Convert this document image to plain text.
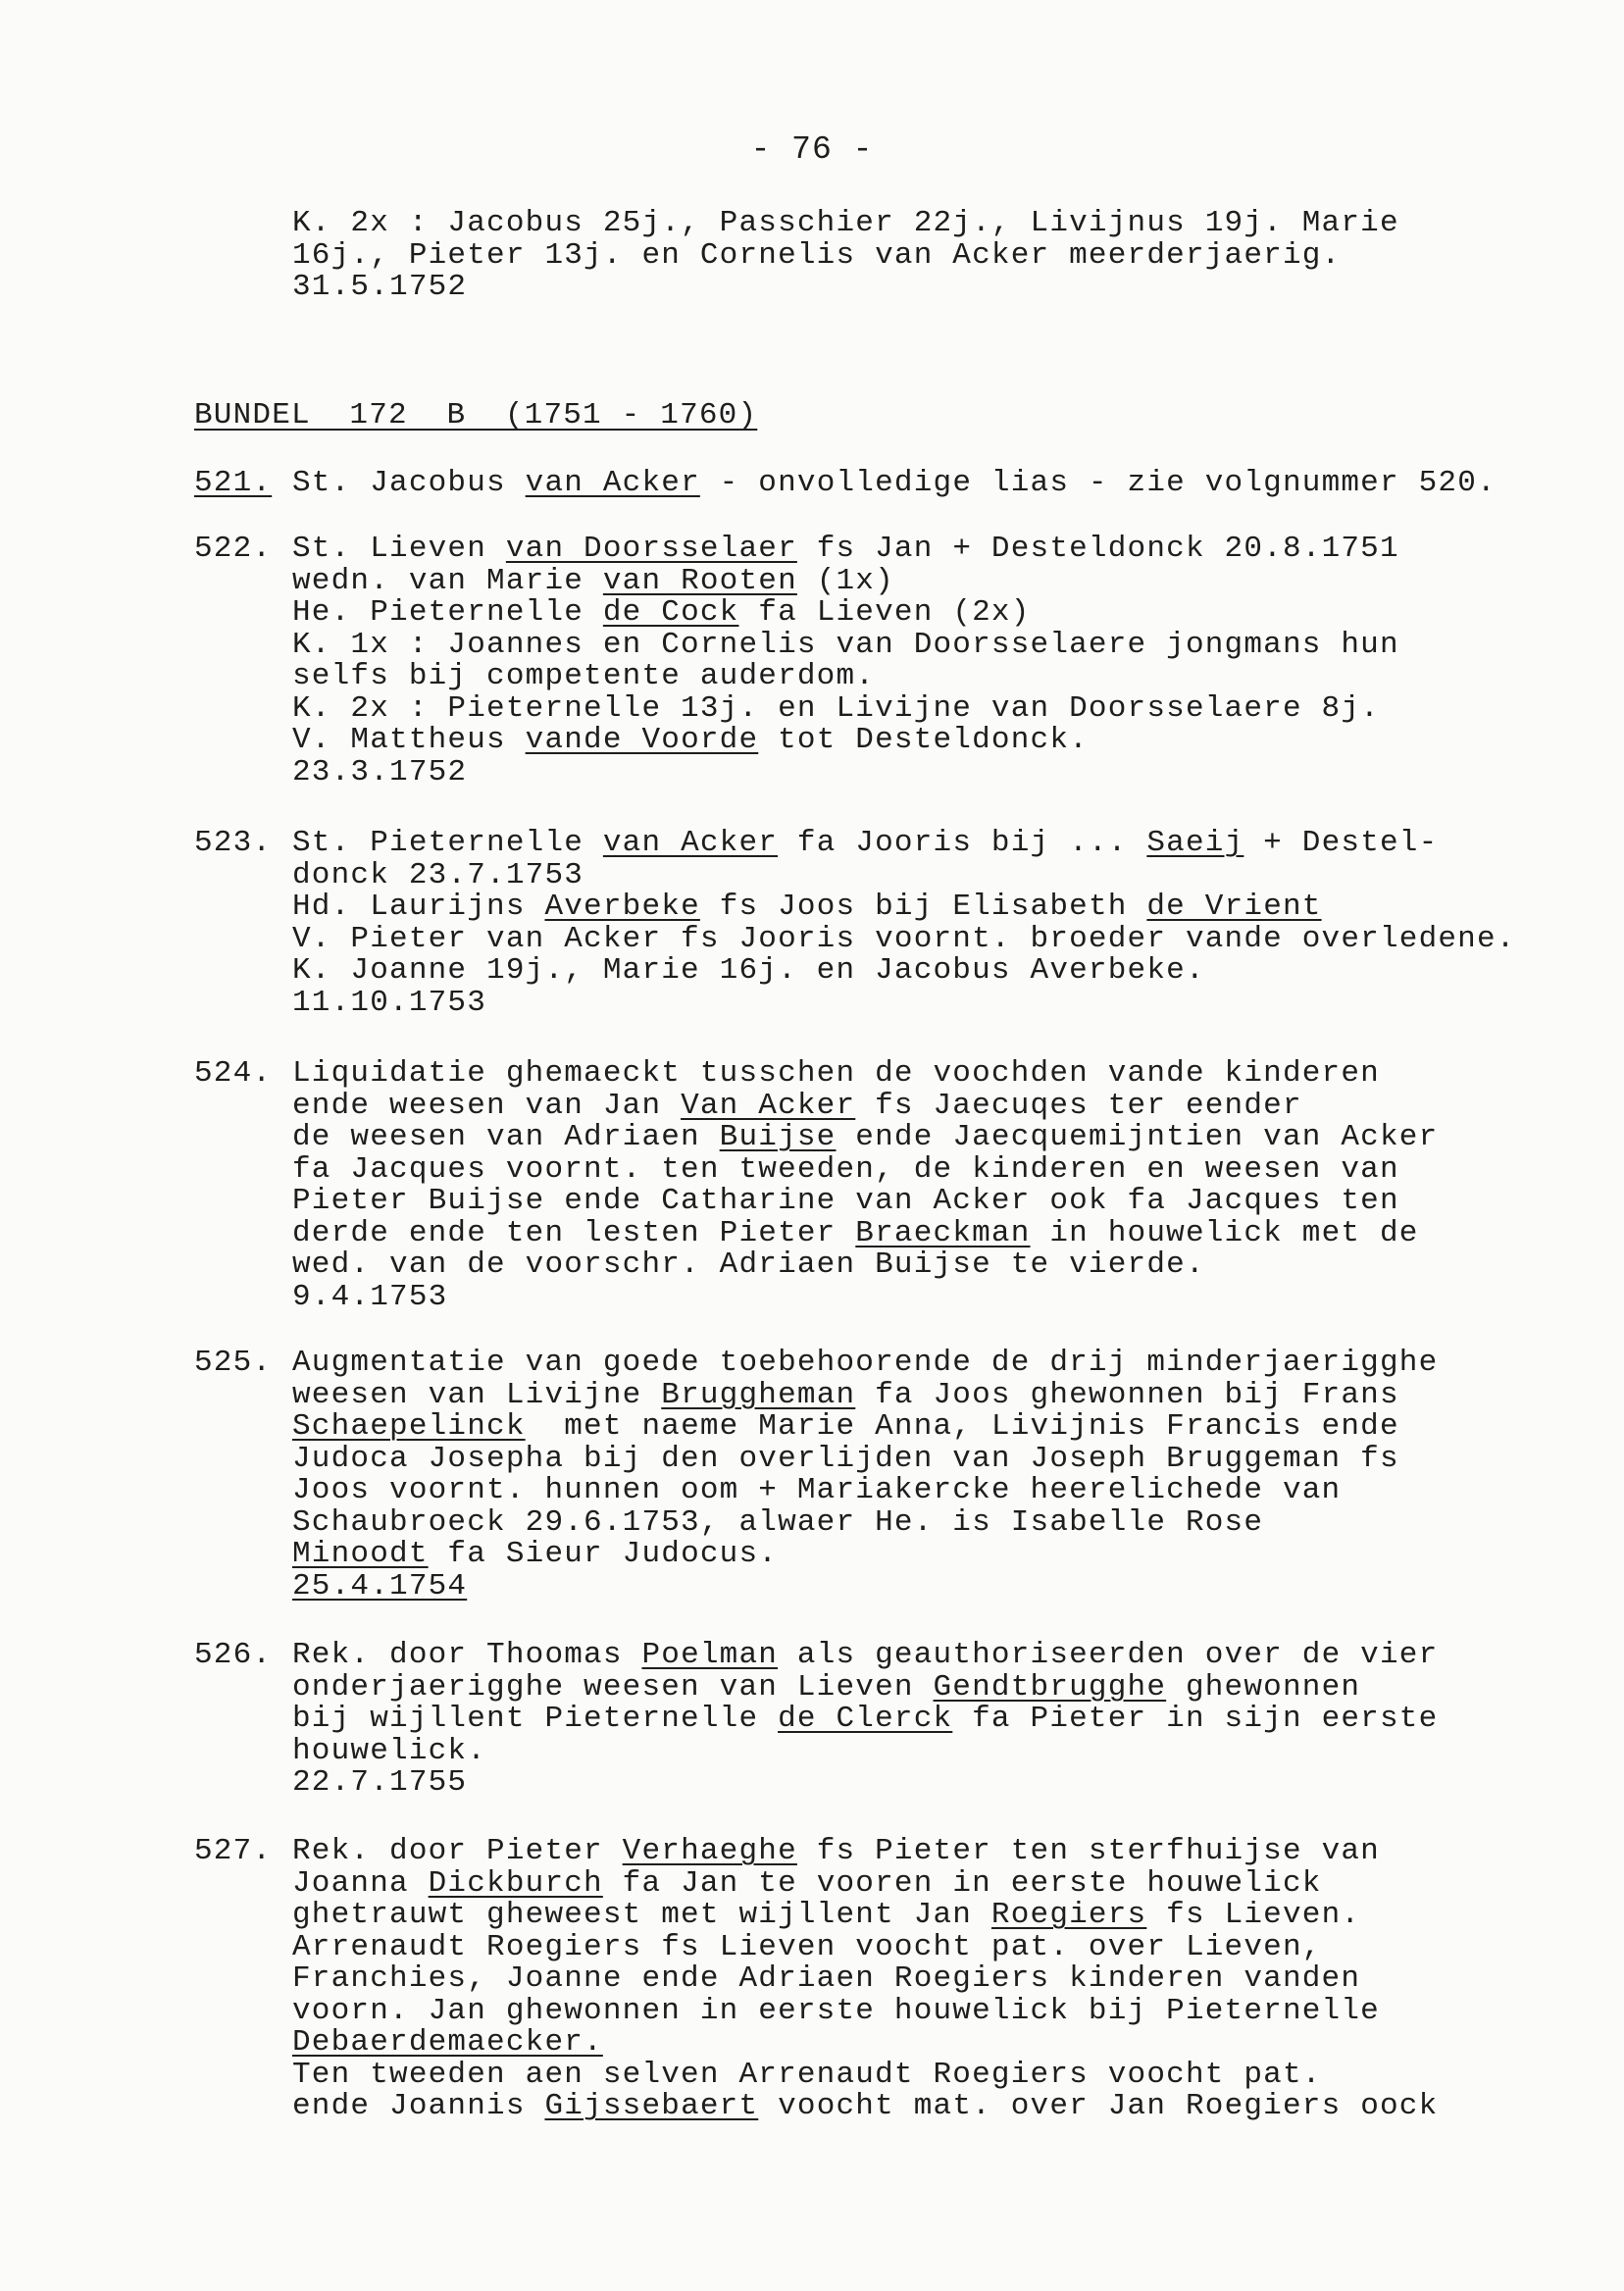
- 76 -
K. 2x : Jacobus 25j., Passchier 22j., Livijnus 19j. Marie
16j., Pieter 13j. en Cornelis van Acker meerderjaerig.
31.5.1752
BUNDEL  172  B  (1751 - 1760)
521. St. Jacobus van Acker - onvolledige lias - zie volgnummer 520.
522. St. Lieven van Doorsselaer fs Jan + Desteldonck 20.8.1751
wedn. van Marie van Rooten (1x)
He. Pieternelle de Cock fa Lieven (2x)
K. 1x : Joannes en Cornelis van Doorsselaere jongmans hun
selfs bij competente auderdom.
K. 2x : Pieternelle 13j. en Livijne van Doorsselaere 8j.
V. Mattheus vande Voorde tot Desteldonck.
23.3.1752
523. St. Pieternelle van Acker fa Jooris bij ... Saeij + Destel-
donck 23.7.1753
Hd. Laurijns Averbeke fs Joos bij Elisabeth de Vrient
V. Pieter van Acker fs Jooris voornt. broeder vande overledene.
K. Joanne 19j., Marie 16j. en Jacobus Averbeke.
11.10.1753
524. Liquidatie ghemaeckt tusschen de voochden vande kinderen
ende weesen van Jan Van Acker fs Jaecuqes ter eender
de weesen van Adriaen Buijse ende Jaecquemijntien van Acker
fa Jacques voornt. ten tweeden, de kinderen en weesen van
Pieter Buijse ende Catharine van Acker ook fa Jacques ten
derde ende ten lesten Pieter Braeckman in houwelick met de
wed. van de voorschr. Adriaen Buijse te vierde.
9.4.1753
525. Augmentatie van goede toebehoorende de drij minderjaerigghe
weesen van Livijne Bruggheman fa Joos ghewonnen bij Frans
Schaepelinck  met naeme Marie Anna, Livijnis Francis ende
Judoca Josepha bij den overlijden van Joseph Bruggeman fs
Joos voornt. hunnen oom + Mariakercke heerelichede van
Schaubroeck 29.6.1753, alwaer He. is Isabelle Rose
Minoodt fa Sieur Judocus.
25.4.1754
526. Rek. door Thoomas Poelman als geauthoriseerden over de vier
onderjaerigghe weesen van Lieven Gendtbrugghe ghewonnen
bij wijllent Pieternelle de Clerck fa Pieter in sijn eerste
houwelick.
22.7.1755
527. Rek. door Pieter Verhaeghe fs Pieter ten sterfhuijse van
Joanna Dickburch fa Jan te vooren in eerste houwelick
ghetrauwt gheweest met wijllent Jan Roegiers fs Lieven.
Arrenaudt Roegiers fs Lieven voocht pat. over Lieven,
Franchies, Joanne ende Adriaen Roegiers kinderen vanden
voorn. Jan ghewonnen in eerste houwelick bij Pieternelle
Debaerdemaecker.
Ten tweeden aen selven Arrenaudt Roegiers voocht pat.
ende Joannis Gijssebaert voocht mat. over Jan Roegiers oock
